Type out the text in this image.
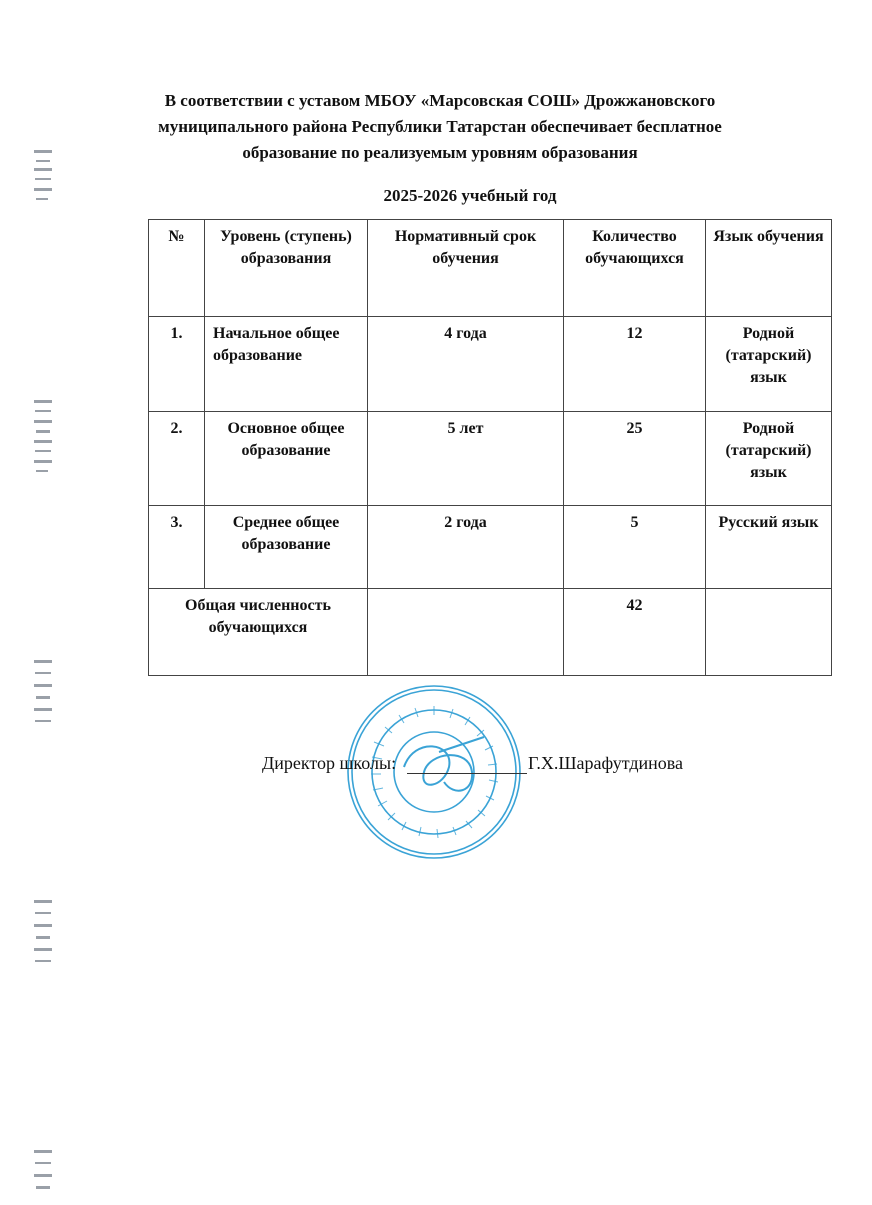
В соответствии с уставом МБОУ «Марсовская СОШ» Дрожжановского
муниципального района Республики Татарстан обеспечивает бесплатное
образование по реализуемым уровням образования
2025-2026 учебный год
№	Уровень (ступень) образования	Нормативный срок обучения	Количество обучающихся	Язык обучения
1.	Начальное общее образование	4 года	12	Родной (татарский) язык
2.	Основное общее образование	5 лет	25	Родной (татарский) язык
3.	Среднее общее образование	2 года	5	Русский язык
Общая численность обучающихся			42	
Директор школы:	Г.Х.Шарафутдинова
